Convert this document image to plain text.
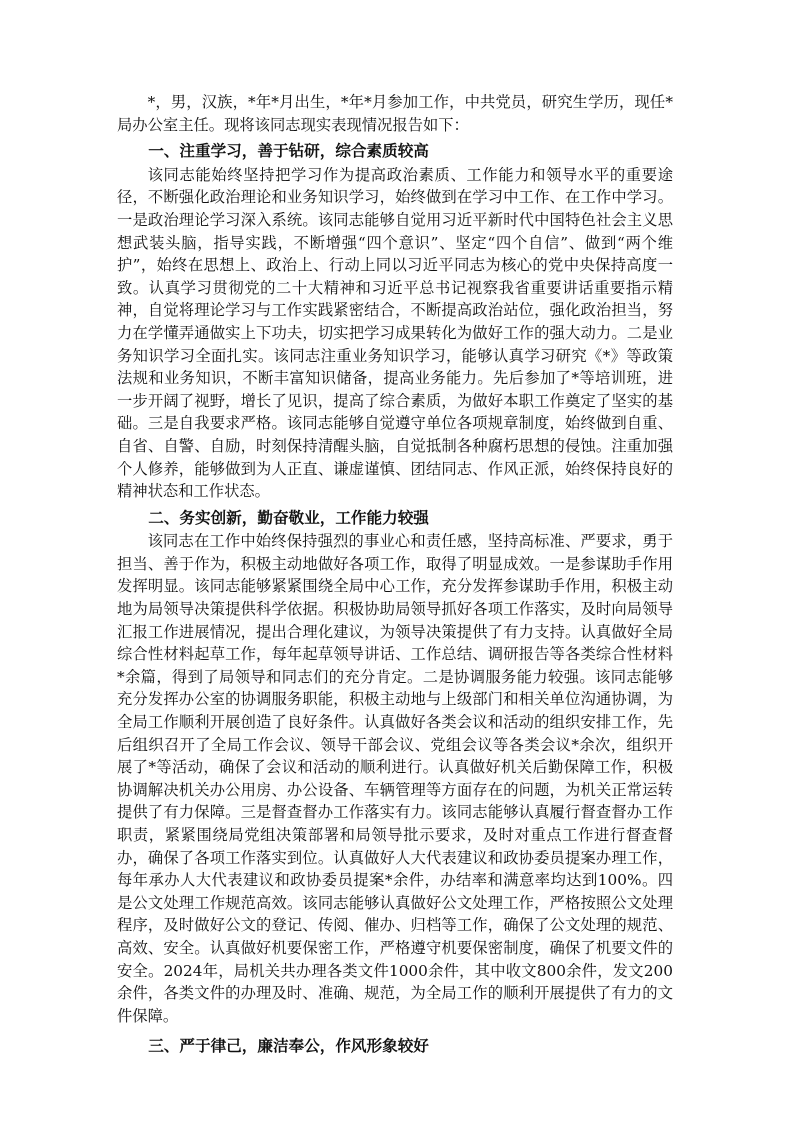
*，男，汉族，*年*月出生，*年*月参加工作，中共党员，研究生学历，现任*局办公室主任。现将该同志现实表现情况报告如下：

一、注重学习，善于钻研，综合素质较高

该同志能始终坚持把学习作为提高政治素质、工作能力和领导水平的重要途径，不断强化政治理论和业务知识学习，始终做到在学习中工作、在工作中学习。一是政治理论学习深入系统。该同志能够自觉用习近平新时代中国特色社会主义思想武装头脑，指导实践，不断增强“四个意识”、坚定“四个自信”、做到“两个维护”，始终在思想上、政治上、行动上同以习近平同志为核心的党中央保持高度一致。认真学习贯彻党的二十大精神和习近平总书记视察我省重要讲话重要指示精神，自觉将理论学习与工作实践紧密结合，不断提高政治站位，强化政治担当，努力在学懂弄通做实上下功夫，切实把学习成果转化为做好工作的强大动力。二是业务知识学习全面扎实。该同志注重业务知识学习，能够认真学习研究《*》等政策法规和业务知识，不断丰富知识储备，提高业务能力。先后参加了*等培训班，进一步开阔了视野，增长了见识，提高了综合素质，为做好本职工作奠定了坚实的基础。三是自我要求严格。该同志能够自觉遵守单位各项规章制度，始终做到自重、自省、自警、自励，时刻保持清醒头脑，自觉抵制各种腐朽思想的侵蚀。注重加强个人修养，能够做到为人正直、谦虚谨慎、团结同志、作风正派，始终保持良好的精神状态和工作状态。

二、务实创新，勤奋敬业，工作能力较强

该同志在工作中始终保持强烈的事业心和责任感，坚持高标准、严要求，勇于担当、善于作为，积极主动地做好各项工作，取得了明显成效。一是参谋助手作用发挥明显。该同志能够紧紧围绕全局中心工作，充分发挥参谋助手作用，积极主动地为局领导决策提供科学依据。积极协助局领导抓好各项工作落实，及时向局领导汇报工作进展情况，提出合理化建议，为领导决策提供了有力支持。认真做好全局综合性材料起草工作，每年起草领导讲话、工作总结、调研报告等各类综合性材料*余篇，得到了局领导和同志们的充分肯定。二是协调服务能力较强。该同志能够充分发挥办公室的协调服务职能，积极主动地与上级部门和相关单位沟通协调，为全局工作顺利开展创造了良好条件。认真做好各类会议和活动的组织安排工作，先后组织召开了全局工作会议、领导干部会议、党组会议等各类会议*余次，组织开展了*等活动，确保了会议和活动的顺利进行。认真做好机关后勤保障工作，积极协调解决机关办公用房、办公设备、车辆管理等方面存在的问题，为机关正常运转提供了有力保障。三是督查督办工作落实有力。该同志能够认真履行督查督办工作职责，紧紧围绕局党组决策部署和局领导批示要求，及时对重点工作进行督查督办，确保了各项工作落实到位。认真做好人大代表建议和政协委员提案办理工作，每年承办人大代表建议和政协委员提案*余件，办结率和满意率均达到100%。四是公文处理工作规范高效。该同志能够认真做好公文处理工作，严格按照公文处理程序，及时做好公文的登记、传阅、催办、归档等工作，确保了公文处理的规范、高效、安全。认真做好机要保密工作，严格遵守机要保密制度，确保了机要文件的安全。2024年，局机关共办理各类文件1000余件，其中收文800余件，发文200余件，各类文件的办理及时、准确、规范，为全局工作的顺利开展提供了有力的文件保障。

三、严于律己，廉洁奉公，作风形象较好
